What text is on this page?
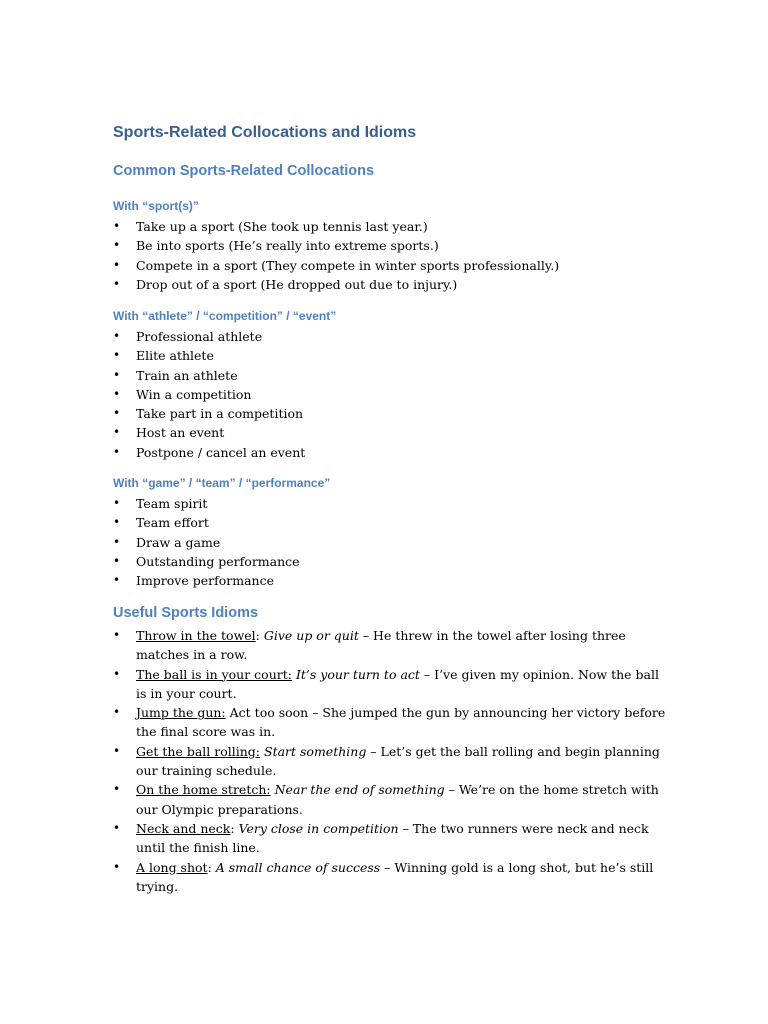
Sports-Related Collocations and Idioms
Common Sports-Related Collocations
With “sport(s)”
• Take up a sport (She took up tennis last year.)
• Be into sports (He’s really into extreme sports.)
• Compete in a sport (They compete in winter sports professionally.)
• Drop out of a sport (He dropped out due to injury.)
With “athlete” / “competition” / “event”
• Professional athlete
• Elite athlete
• Train an athlete
• Win a competition
• Take part in a competition
• Host an event
• Postpone / cancel an event
With “game” / “team” / “performance”
• Team spirit
• Team effort
• Draw a game
• Outstanding performance
• Improve performance
Useful Sports Idioms
• Throw in the towel: Give up or quit – He threw in the towel after losing three matches in a row.
• The ball is in your court: It’s your turn to act – I’ve given my opinion. Now the ball is in your court.
• Jump the gun: Act too soon – She jumped the gun by announcing her victory before the final score was in.
• Get the ball rolling: Start something – Let’s get the ball rolling and begin planning our training schedule.
• On the home stretch: Near the end of something – We’re on the home stretch with our Olympic preparations.
• Neck and neck: Very close in competition – The two runners were neck and neck until the finish line.
• A long shot: A small chance of success – Winning gold is a long shot, but he’s still trying.
